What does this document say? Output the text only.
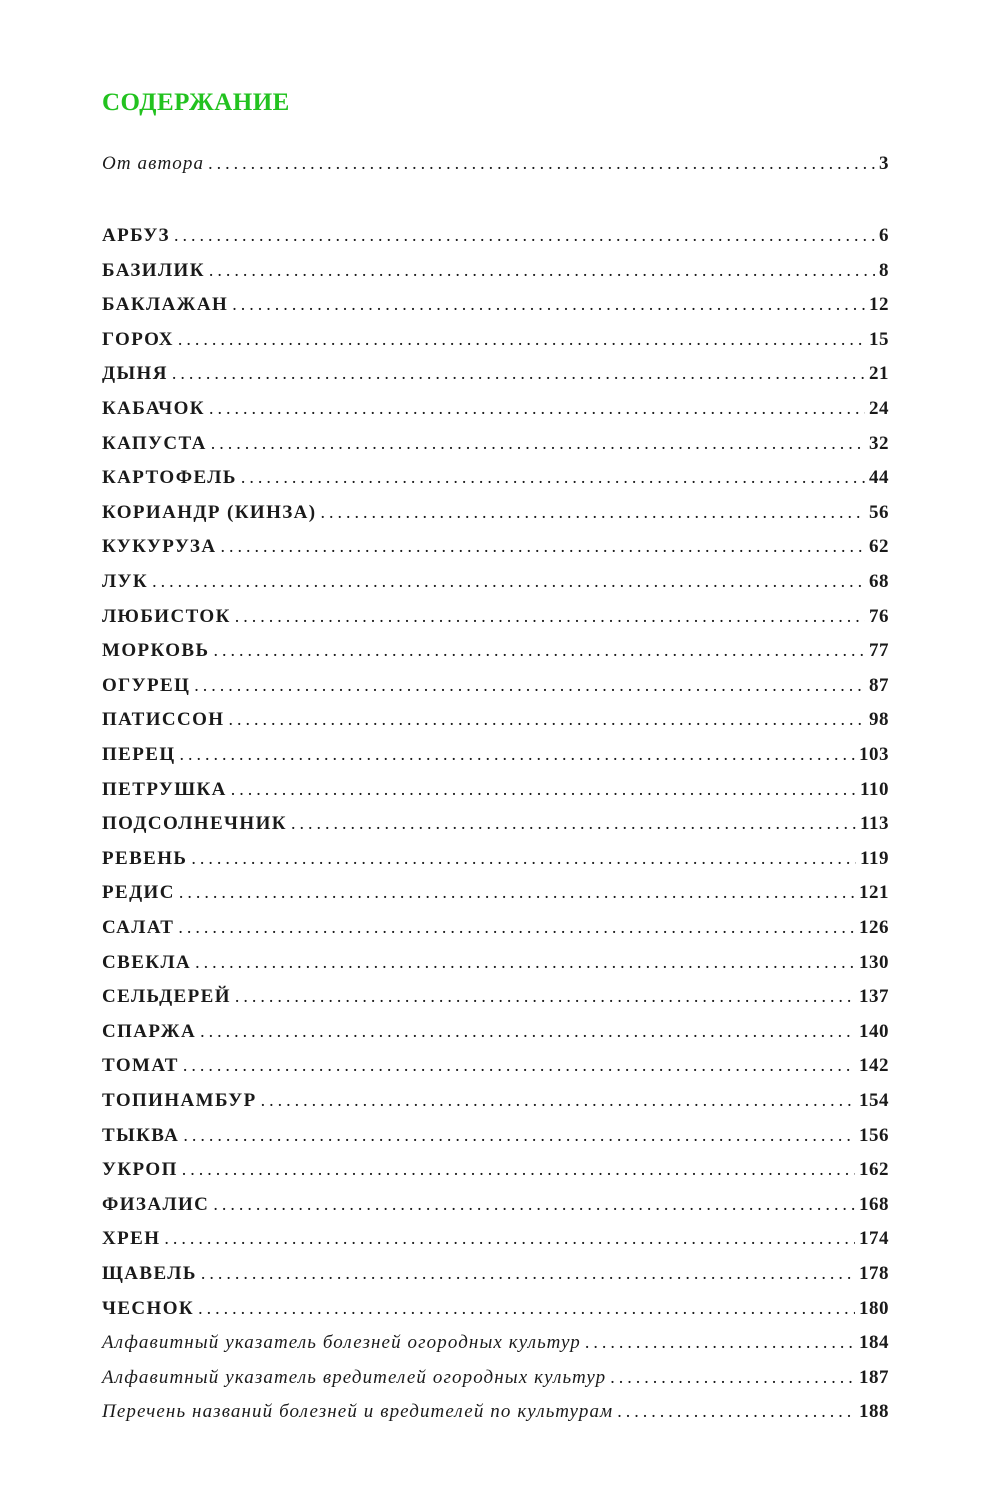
СОДЕРЖАНИЕ
От автора .....	3
АРБУЗ .....	6
БАЗИЛИК .....	8
БАКЛАЖАН .....	12
ГОРОХ .....	15
ДЫНЯ .....	21
КАБАЧОК .....	24
КАПУСТА .....	32
КАРТОФЕЛЬ .....	44
КОРИАНДР (КИНЗА) .....	56
КУКУРУЗА .....	62
ЛУК .....	68
ЛЮБИСТОК .....	76
МОРКОВЬ .....	77
ОГУРЕЦ .....	87
ПАТИССОН .....	98
ПЕРЕЦ .....	103
ПЕТРУШКА .....	110
ПОДСОЛНЕЧНИК .....	113
РЕВЕНЬ .....	119
РЕДИС .....	121
САЛАТ .....	126
СВЕКЛА .....	130
СЕЛЬДЕРЕЙ .....	137
СПАРЖА .....	140
ТОМАТ .....	142
ТОПИНАМБУР .....	154
ТЫКВА .....	156
УКРОП .....	162
ФИЗАЛИС .....	168
ХРЕН .....	174
ЩАВЕЛЬ .....	178
ЧЕСНОК .....	180
Алфавитный указатель болезней огородных культур .....	184
Алфавитный указатель вредителей огородных культур .....	187
Перечень названий болезней и вредителей по культурам .....	188
